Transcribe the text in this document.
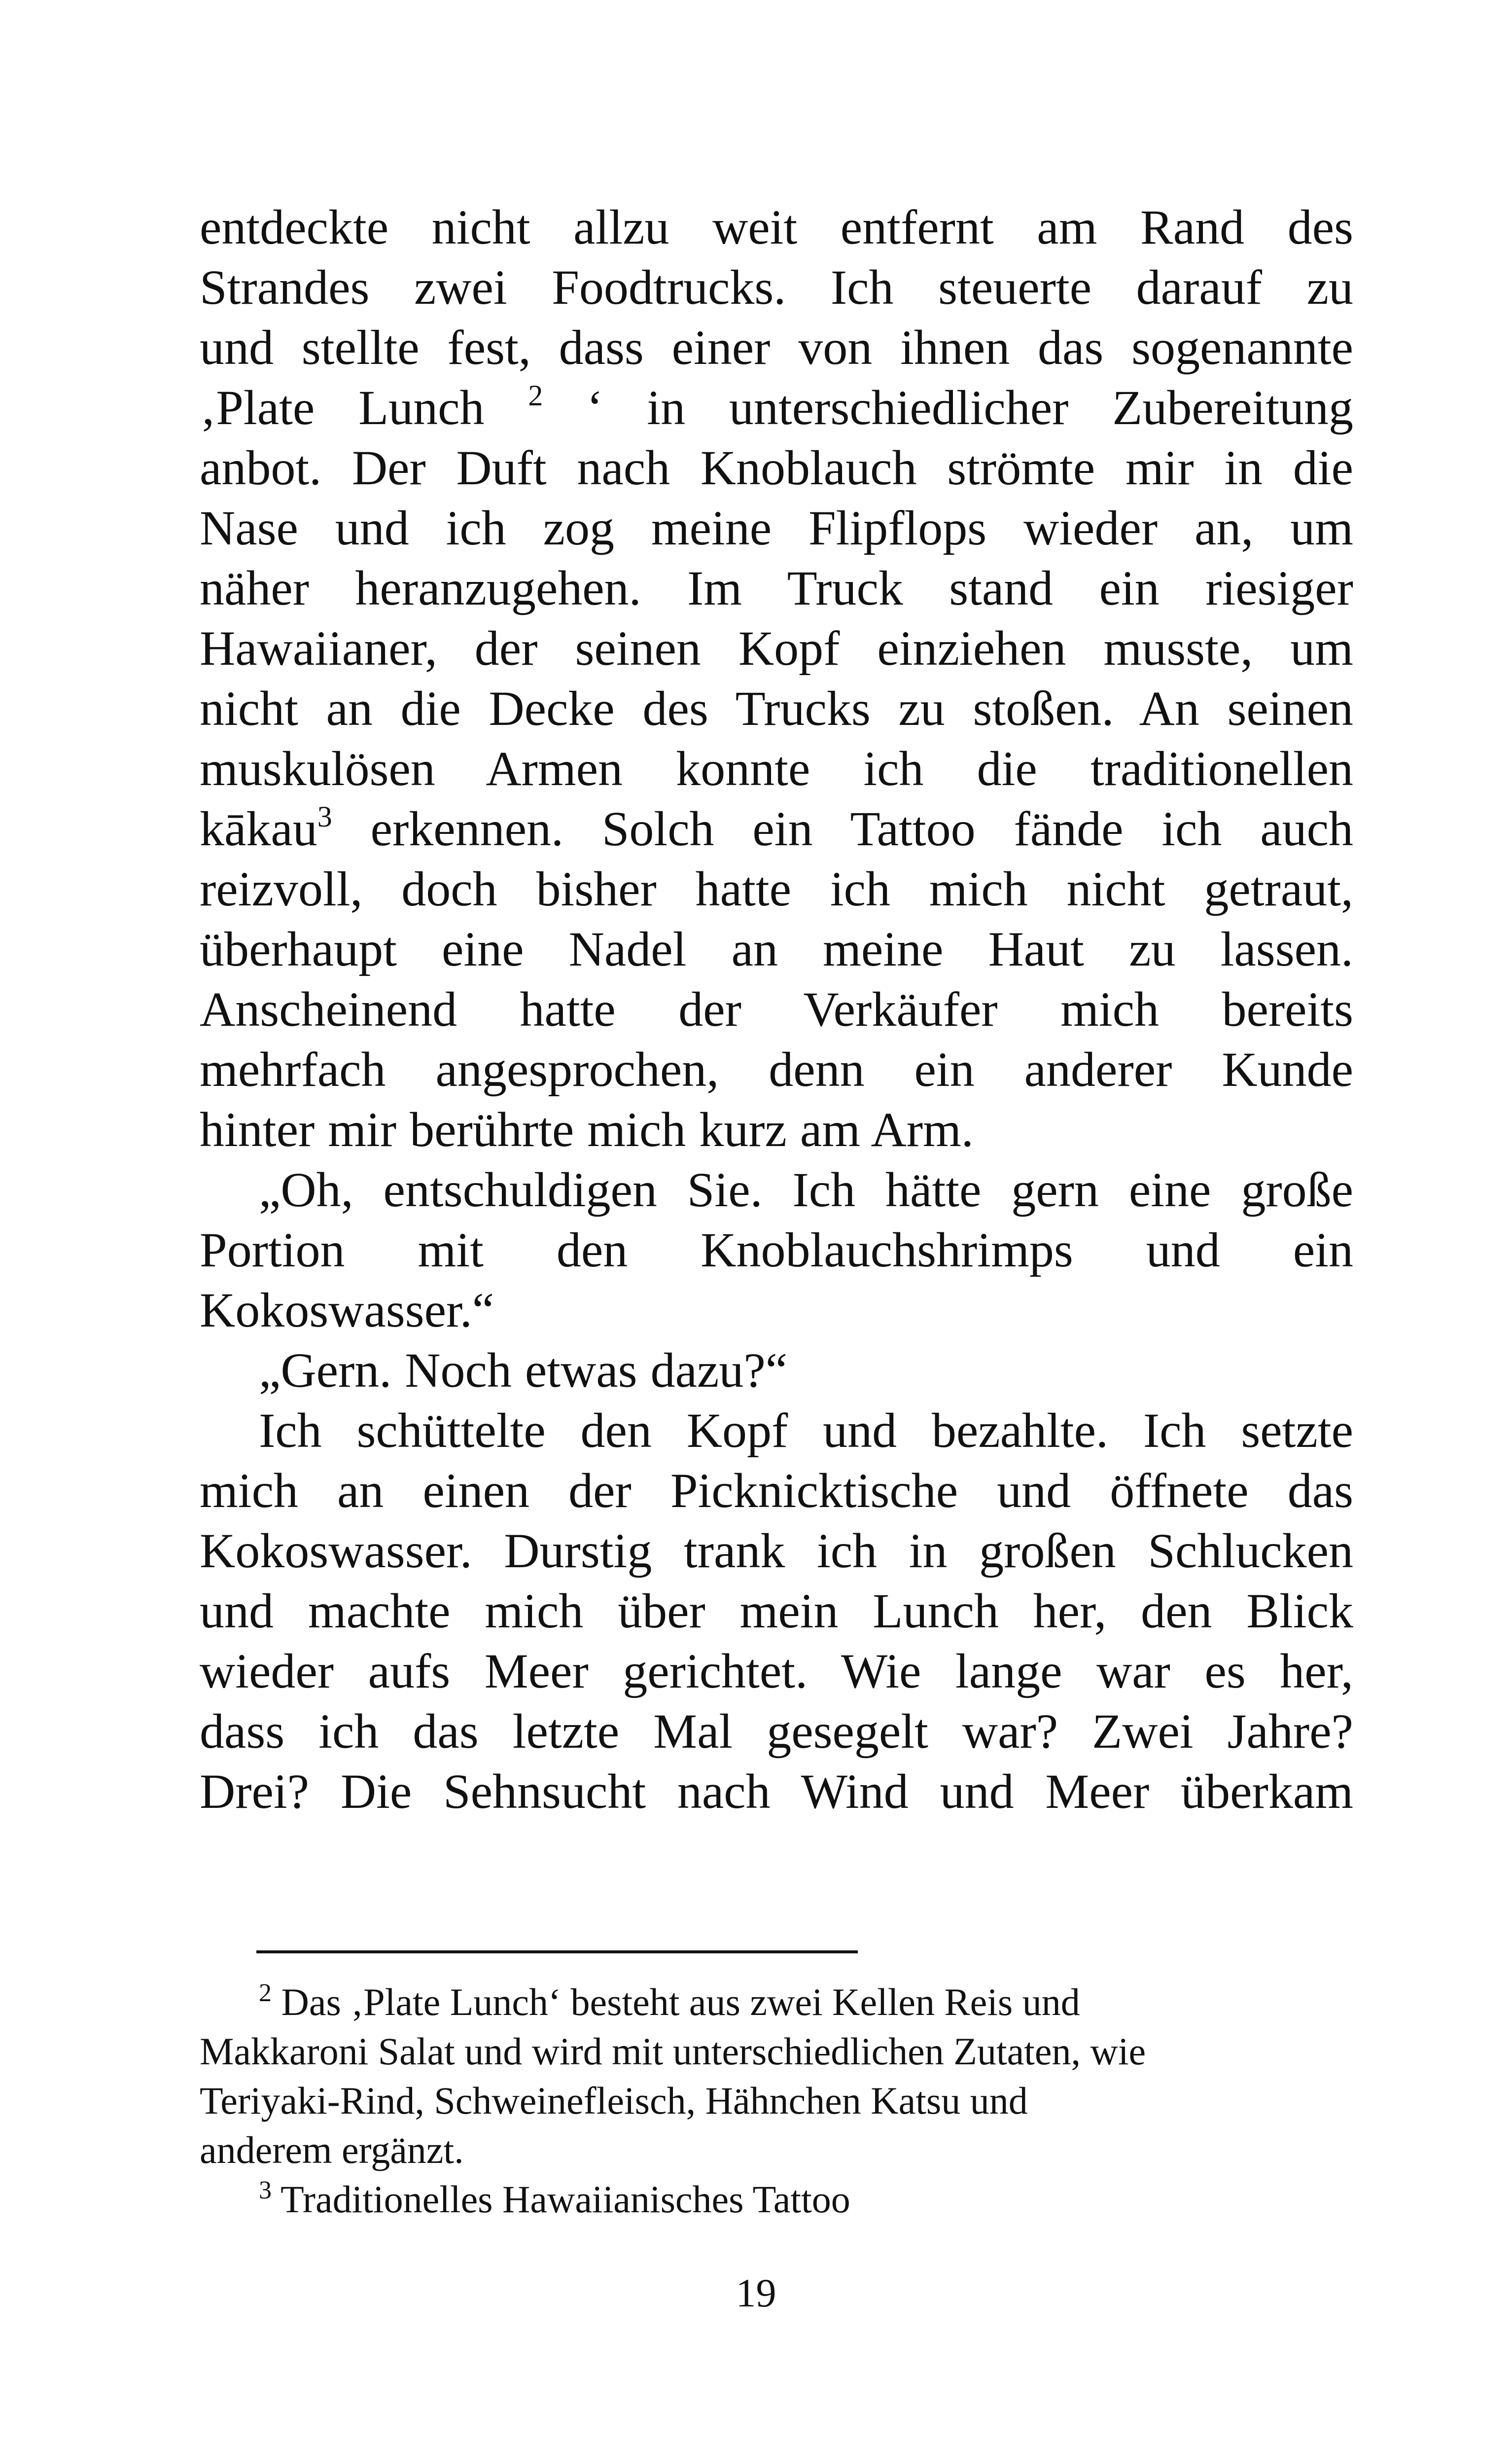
entdeckte nicht allzu weit entfernt am Rand des
Strandes zwei Foodtrucks. Ich steuerte darauf zu
und stellte fest, dass einer von ihnen das sogenannte
‚Plate Lunch $^2$ ‘ in unterschiedlicher Zubereitung
anbot. Der Duft nach Knoblauch strömte mir in die
Nase und ich zog meine Flipflops wieder an, um
näher heranzugehen. Im Truck stand ein riesiger
Hawaiianer, der seinen Kopf einziehen musste, um
nicht an die Decke des Trucks zu stoßen. An seinen
muskulösen Armen konnte ich die traditionellen
kākau$^3$ erkennen. Solch ein Tattoo fände ich auch
reizvoll, doch bisher hatte ich mich nicht getraut,
überhaupt eine Nadel an meine Haut zu lassen.
Anscheinend hatte der Verkäufer mich bereits
mehrfach angesprochen, denn ein anderer Kunde
hinter mir berührte mich kurz am Arm.

„Oh, entschuldigen Sie. Ich hätte gern eine große
Portion mit den Knoblauchshrimps und ein
Kokoswasser.“

„Gern. Noch etwas dazu?“

Ich schüttelte den Kopf und bezahlte. Ich setzte
mich an einen der Picknicktische und öffnete das
Kokoswasser. Durstig trank ich in großen Schlucken
und machte mich über mein Lunch her, den Blick
wieder aufs Meer gerichtet. Wie lange war es her,
dass ich das letzte Mal gesegelt war? Zwei Jahre?
Drei? Die Sehnsucht nach Wind und Meer überkam

$^2$ Das ‚Plate Lunch‘ besteht aus zwei Kellen Reis und
Makkaroni Salat und wird mit unterschiedlichen Zutaten, wie
Teriyaki-Rind, Schweinefleisch, Hähnchen Katsu und
anderem ergänzt.

$^3$ Traditionelles Hawaiianisches Tattoo

19
